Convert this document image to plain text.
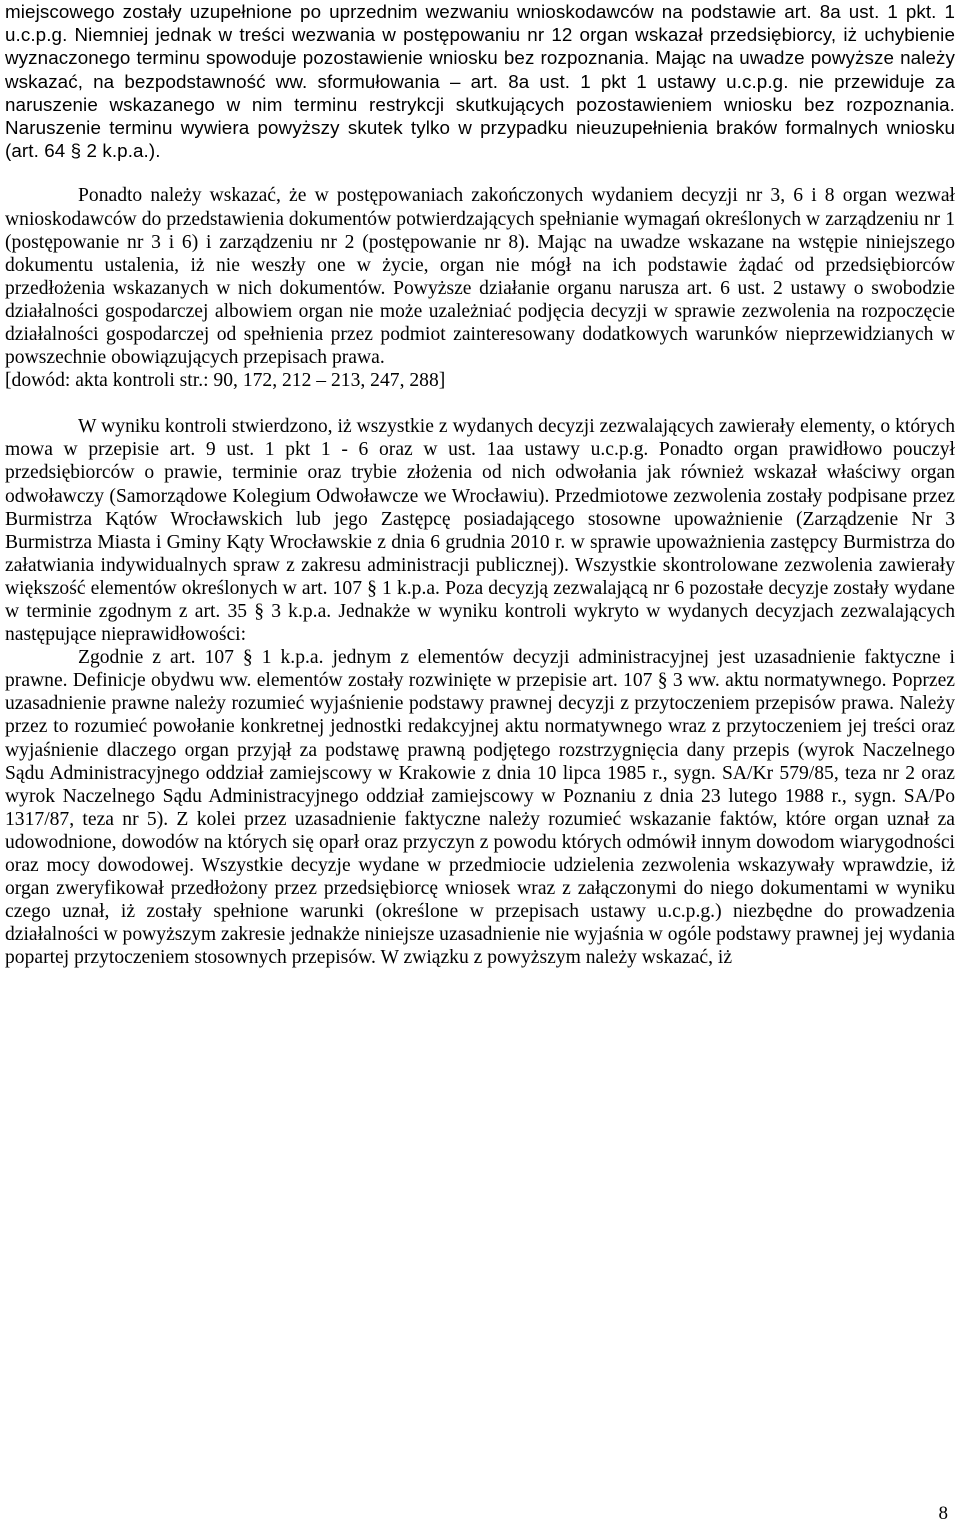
miejscowego zostały uzupełnione po uprzednim wezwaniu wnioskodawców na podstawie art. 8a ust. 1 pkt. 1 u.c.p.g. Niemniej jednak w treści wezwania w postępowaniu nr 12 organ wskazał przedsiębiorcy, iż uchybienie wyznaczonego terminu spowoduje pozostawienie wniosku bez rozpoznania. Mając na uwadze powyższe należy wskazać, na bezpodstawność ww. sformułowania – art. 8a ust. 1 pkt 1 ustawy u.c.p.g. nie przewiduje za naruszenie wskazanego w nim terminu restrykcji skutkujących pozostawieniem wniosku bez rozpoznania. Naruszenie terminu wywiera powyższy skutek tylko w przypadku nieuzupełnienia braków formalnych wniosku (art. 64 § 2 k.p.a.).

Ponadto należy wskazać, że w postępowaniach zakończonych wydaniem decyzji nr 3, 6 i 8 organ wezwał wnioskodawców do przedstawienia dokumentów potwierdzających spełnianie wymagań określonych w zarządzeniu nr 1 (postępowanie nr 3 i 6) i zarządzeniu nr 2 (postępowanie nr 8). Mając na uwadze wskazane na wstępie niniejszego dokumentu ustalenia, iż nie weszły one w życie, organ nie mógł na ich podstawie żądać od przedsiębiorców przedłożenia wskazanych w nich dokumentów. Powyższe działanie organu narusza art. 6 ust. 2 ustawy o swobodzie działalności gospodarczej albowiem organ nie może uzależniać podjęcia decyzji w sprawie zezwolenia na rozpoczęcie działalności gospodarczej od spełnienia przez podmiot zainteresowany dodatkowych warunków nieprzewidzianych w powszechnie obowiązujących przepisach prawa.

[dowód: akta kontroli str.: 90, 172, 212 – 213, 247, 288]

W wyniku kontroli stwierdzono, iż wszystkie z wydanych decyzji zezwalających zawierały elementy, o których mowa w przepisie art. 9 ust. 1 pkt 1 - 6 oraz w ust. 1aa ustawy u.c.p.g. Ponadto organ prawidłowo pouczył przedsiębiorców o prawie, terminie oraz trybie złożenia od nich odwołania jak również wskazał właściwy organ odwoławczy (Samorządowe Kolegium Odwoławcze we Wrocławiu). Przedmiotowe zezwolenia zostały podpisane przez Burmistrza Kątów Wrocławskich lub jego Zastępcę posiadającego stosowne upoważnienie (Zarządzenie Nr 3 Burmistrza Miasta i Gminy Kąty Wrocławskie z dnia 6 grudnia 2010 r. w sprawie upoważnienia zastępcy Burmistrza do załatwiania indywidualnych spraw z zakresu administracji publicznej). Wszystkie skontrolowane zezwolenia zawierały większość elementów określonych w art. 107 § 1 k.p.a. Poza decyzją zezwalającą nr 6 pozostałe decyzje zostały wydane w terminie zgodnym z art. 35 § 3 k.p.a. Jednakże w wyniku kontroli wykryto w wydanych decyzjach zezwalających następujące nieprawidłowości:

Zgodnie z art. 107 § 1 k.p.a. jednym z elementów decyzji administracyjnej jest uzasadnienie faktyczne i prawne. Definicje obydwu ww. elementów zostały rozwinięte w przepisie art. 107 § 3 ww. aktu normatywnego. Poprzez uzasadnienie prawne należy rozumieć wyjaśnienie podstawy prawnej decyzji z przytoczeniem przepisów prawa. Należy przez to rozumieć powołanie konkretnej jednostki redakcyjnej aktu normatywnego wraz z przytoczeniem jej treści oraz wyjaśnienie dlaczego organ przyjął za podstawę prawną podjętego rozstrzygnięcia dany przepis (wyrok Naczelnego Sądu Administracyjnego oddział zamiejscowy w Krakowie z dnia 10 lipca 1985 r., sygn. SA/Kr 579/85, teza nr 2 oraz wyrok Naczelnego Sądu Administracyjnego oddział zamiejscowy w Poznaniu z dnia 23 lutego 1988 r., sygn. SA/Po 1317/87, teza nr 5). Z kolei przez uzasadnienie faktyczne należy rozumieć wskazanie faktów, które organ uznał za udowodnione, dowodów na których się oparł oraz przyczyn z powodu których odmówił innym dowodom wiarygodności oraz mocy dowodowej. Wszystkie decyzje wydane w przedmiocie udzielenia zezwolenia wskazywały wprawdzie, iż organ zweryfikował przedłożony przez przedsiębiorcę wniosek wraz z załączonymi do niego dokumentami w wyniku czego uznał, iż zostały spełnione warunki (określone w przepisach ustawy u.c.p.g.) niezbędne do prowadzenia działalności w powyższym zakresie jednakże niniejsze uzasadnienie nie wyjaśnia w ogóle podstawy prawnej jej wydania popartej przytoczeniem stosownych przepisów. W związku z powyższym należy wskazać, iż

8
